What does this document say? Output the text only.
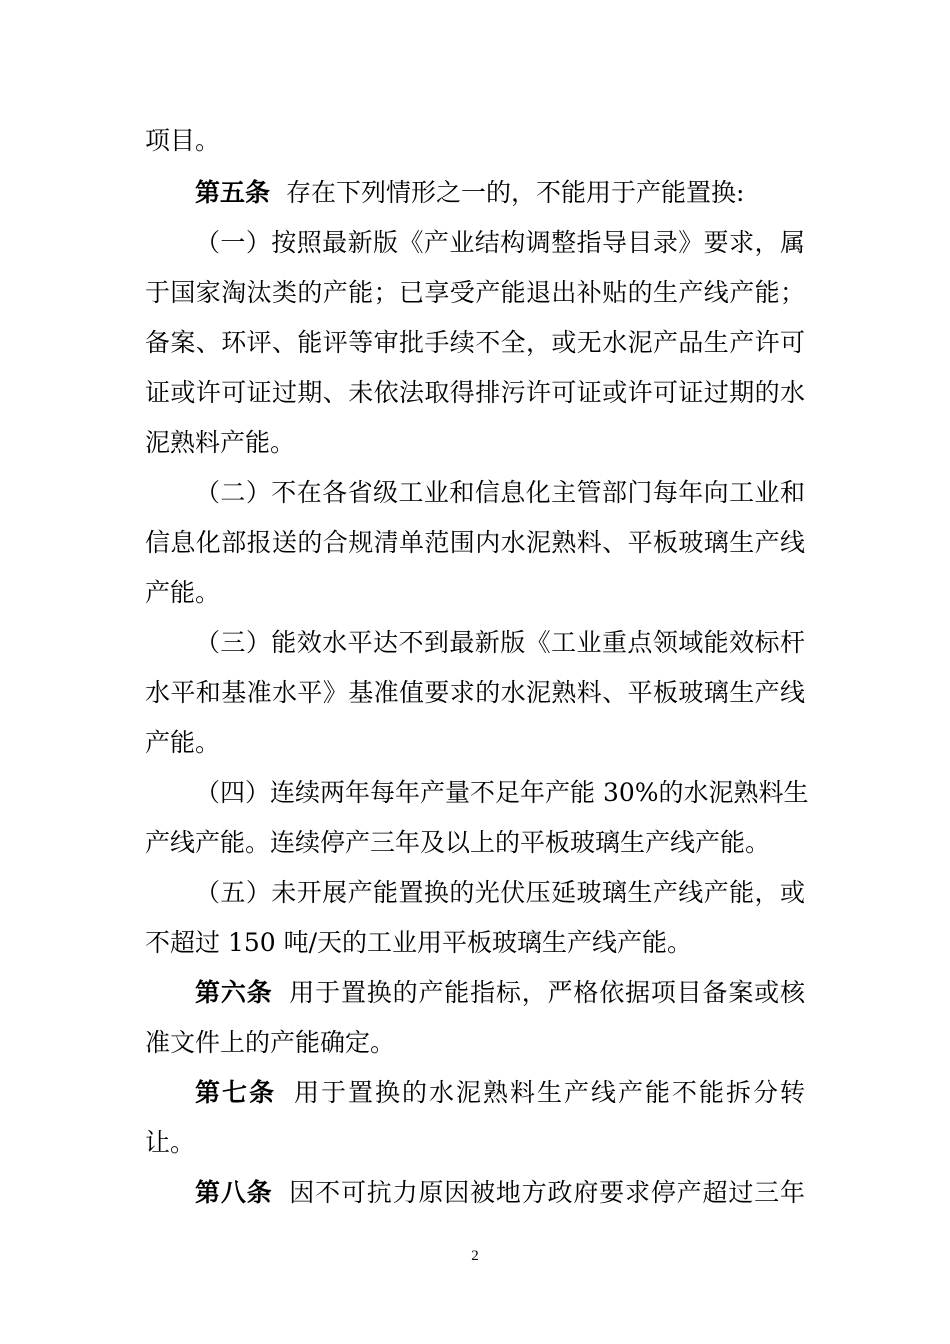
项目。
第五条 存在下列情形之一的，不能用于产能置换:
（一）按照最新版《产业结构调整指导目录》要求，属
于国家淘汰类的产能；已享受产能退出补贴的生产线产能；
备案、环评、能评等审批手续不全，或无水泥产品生产许可
证或许可证过期、未依法取得排污许可证或许可证过期的水
泥熟料产能。
（二）不在各省级工业和信息化主管部门每年向工业和
信息化部报送的合规清单范围内水泥熟料、平板玻璃生产线
产能。
（三）能效水平达不到最新版《工业重点领域能效标杆
水平和基准水平》基准值要求的水泥熟料、平板玻璃生产线
产能。
（四）连续两年每年产量不足年产能 30%的水泥熟料生
产线产能。连续停产三年及以上的平板玻璃生产线产能。
（五）未开展产能置换的光伏压延玻璃生产线产能，或
不超过 150 吨/天的工业用平板玻璃生产线产能。
第六条 用于置换的产能指标，严格依据项目备案或核
准文件上的产能确定。
第七条 用于置换的水泥熟料生产线产能不能拆分转
让。
第八条 因不可抗力原因被地方政府要求停产超过三年
2
